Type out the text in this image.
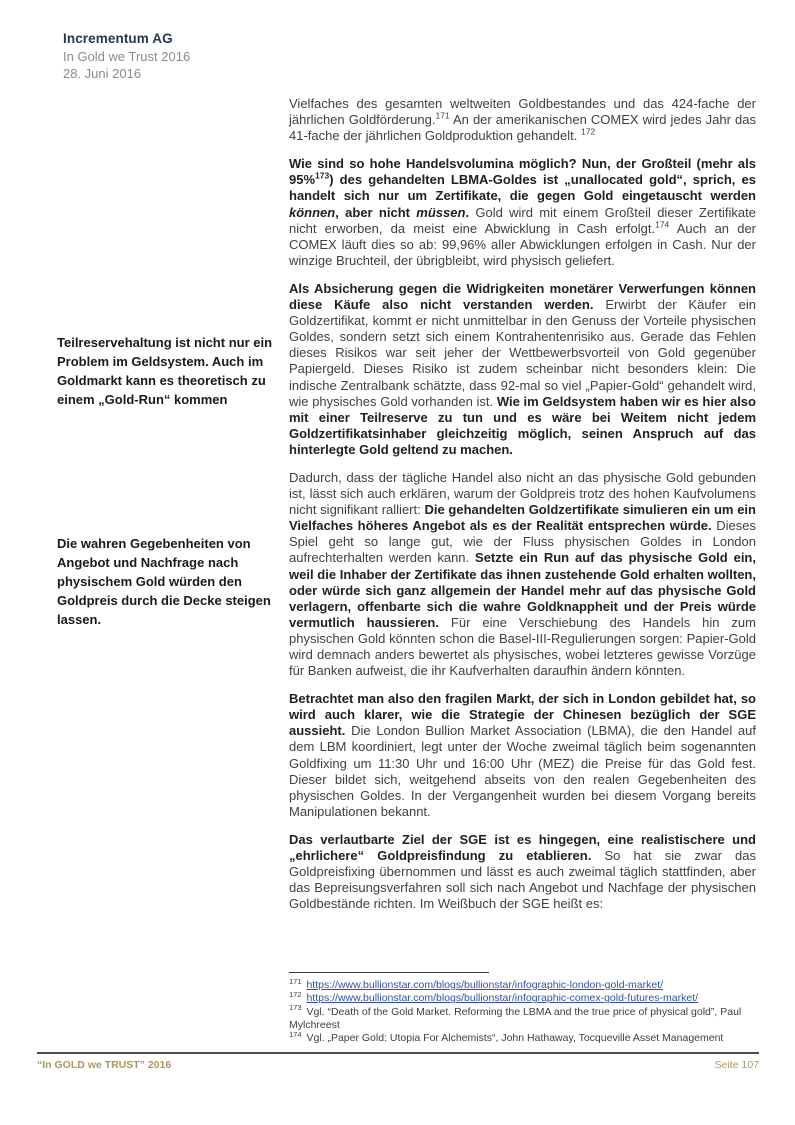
Incrementum AG
In Gold we Trust 2016
28. Juni 2016
Teilreservehaltung ist nicht nur ein Problem im Geldsystem. Auch im Goldmarkt kann es theoretisch zu einem „Gold-Run“ kommen
Die wahren Gegebenheiten von Angebot und Nachfrage nach physischem Gold würden den Goldpreis durch die Decke steigen lassen.

Vielfaches des gesamten weltweiten Goldbestandes und das 424-fache der jährlichen Goldförderung.$^{171}$ An der amerikanischen COMEX wird jedes Jahr das 41-fache der jährlichen Goldproduktion gehandelt. $^{172}$

Wie sind so hohe Handelsvolumina möglich? Nun, der Großteil (mehr als 95%$^{173}$) des gehandelten LBMA-Goldes ist „unallocated gold“, sprich, es handelt sich nur um Zertifikate, die gegen Gold eingetauscht werden können, aber nicht müssen. Gold wird mit einem Großteil dieser Zertifikate nicht erworben, da meist eine Abwicklung in Cash erfolgt.$^{174}$ Auch an der COMEX läuft dies so ab: 99,96% aller Abwicklungen erfolgen in Cash. Nur der winzige Bruchteil, der übrigbleibt, wird physisch geliefert.

Als Absicherung gegen die Widrigkeiten monetärer Verwerfungen können diese Käufe also nicht verstanden werden. Erwirbt der Käufer ein Goldzertifikat, kommt er nicht unmittelbar in den Genuss der Vorteile physischen Goldes, sondern setzt sich einem Kontrahentenrisiko aus. Gerade das Fehlen dieses Risikos war seit jeher der Wettbewerbsvorteil von Gold gegenüber Papiergeld. Dieses Risiko ist zudem scheinbar nicht besonders klein: Die indische Zentralbank schätzte, dass 92-mal so viel „Papier-Gold“ gehandelt wird, wie physisches Gold vorhanden ist. Wie im Geldsystem haben wir es hier also mit einer Teilreserve zu tun und es wäre bei Weitem nicht jedem Goldzertifikatsinhaber gleichzeitig möglich, seinen Anspruch auf das hinterlegte Gold geltend zu machen.

Dadurch, dass der tägliche Handel also nicht an das physische Gold gebunden ist, lässt sich auch erklären, warum der Goldpreis trotz des hohen Kaufvolumens nicht signifikant ralliert: Die gehandelten Goldzertifikate simulieren ein um ein Vielfaches höheres Angebot als es der Realität entsprechen würde. Dieses Spiel geht so lange gut, wie der Fluss physischen Goldes in London aufrechterhalten werden kann. Setzte ein Run auf das physische Gold ein, weil die Inhaber der Zertifikate das ihnen zustehende Gold erhalten wollten, oder würde sich ganz allgemein der Handel mehr auf das physische Gold verlagern, offenbarte sich die wahre Goldknappheit und der Preis würde vermutlich haussieren. Für eine Verschiebung des Handels hin zum physischen Gold könnten schon die Basel-III-Regulierungen sorgen: Papier-Gold wird demnach anders bewertet als physisches, wobei letzteres gewisse Vorzüge für Banken aufweist, die ihr Kaufverhalten daraufhin ändern könnten.

Betrachtet man also den fragilen Markt, der sich in London gebildet hat, so wird auch klarer, wie die Strategie der Chinesen bezüglich der SGE aussieht. Die London Bullion Market Association (LBMA), die den Handel auf dem LBM koordiniert, legt unter der Woche zweimal täglich beim sogenannten Goldfixing um 11:30 Uhr und 16:00 Uhr (MEZ) die Preise für das Gold fest. Dieser bildet sich, weitgehend abseits von den realen Gegebenheiten des physischen Goldes. In der Vergangenheit wurden bei diesem Vorgang bereits Manipulationen bekannt.

Das verlautbarte Ziel der SGE ist es hingegen, eine realistischere und „ehrlichere“ Goldpreisfindung zu etablieren. So hat sie zwar das Goldpreisfixing übernommen und lässt es auch zweimal täglich stattfinden, aber das Bepreisungsverfahren soll sich nach Angebot und Nachfage der physischen Goldbestände richten. Im Weißbuch der SGE heißt es:

$^{171}$ https://www.bullionstar.com/blogs/bullionstar/infographic-london-gold-market/
$^{172}$ https://www.bullionstar.com/blogs/bullionstar/infographic-comex-gold-futures-market/
$^{173}$ Vgl. “Death of the Gold Market. Reforming the LBMA and the true price of physical gold”, Paul Mylchreest
$^{174}$ Vgl. „Paper Gold: Utopia For Alchemists“, John Hathaway, Tocqueville Asset Management
“In GOLD we TRUST” 2016	Seite 107
